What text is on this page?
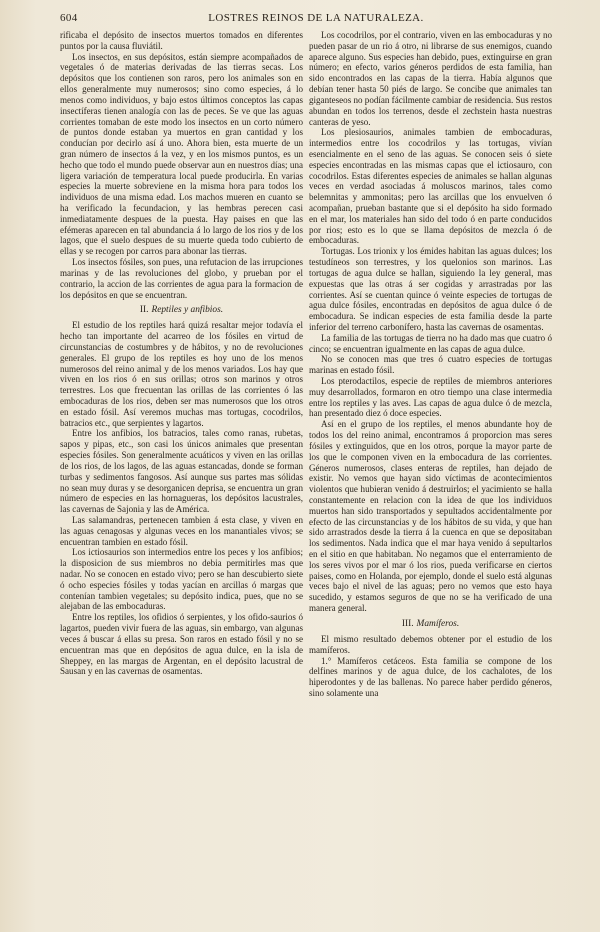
604	LOSTRES REINOS DE LA NATURALEZA.

rificaba el depósito de insectos muertos tomados en diferentes puntos por la causa fluviátil.

Los insectos, en sus depósitos, están siempre acompañados de vegetales ó de materias derivadas de las tierras secas. Los depósitos que los contienen son raros, pero los animales son en ellos generalmente muy numerosos; sino como especies, á lo menos como individuos, y bajo estos últimos conceptos las capas insectíferas tienen analogía con las de peces. Se ve que las aguas corrientes tomaban de este modo los insectos en un corto número de puntos donde estaban ya muertos en gran cantidad y los conducían por decirlo así á uno. Ahora bien, esta muerte de un gran número de insectos á la vez, y en los mismos puntos, es un hecho que todo el mundo puede observar aun en nuestros días; una ligera variación de temperatura local puede producirla. En varias especies la muerte sobreviene en la misma hora para todos los individuos de una misma edad. Los machos mueren en cuanto se ha verificado la fecundacion, y las hembras perecen casi inmediatamente despues de la puesta. Hay paises en que las efémeras aparecen en tal abundancia á lo largo de los rios y de los lagos, que el suelo despues de su muerte queda todo cubierto de ellas y se recogen por carros para abonar las tierras.

Los insectos fósiles, son pues, una refutacion de las irrupciones marinas y de las revoluciones del globo, y prueban por el contrario, la accion de las corrientes de agua para la formacion de los depósitos en que se encuentran.

II. Reptiles y anfibios.

El estudio de los reptiles hará quizá resaltar mejor todavía el hecho tan importante del acarreo de los fósiles en virtud de circunstancias de costumbres y de hábitos, y no de revoluciones generales. El grupo de los reptiles es hoy uno de los menos numerosos del reino animal y de los menos variados. Los hay que viven en los rios ó en sus orillas; otros son marinos y otros terrestres. Los que frecuentan las orillas de las corrientes ó las embocaduras de los rios, deben ser mas numerosos que los otros en estado fósil. Así veremos muchas mas tortugas, cocodrilos, batracios etc., que serpientes y lagartos.

Entre los anfibios, los batracios, tales como ranas, rubetas, sapos y pipas, etc., son casi los únicos animales que presentan especies fósiles. Son generalmente acuáticos y viven en las orillas de los rios, de los lagos, de las aguas estancadas, donde se forman turbas y sedimentos fangosos. Así aunque sus partes mas sólidas no sean muy duras y se desorganicen deprisa, se encuentra un gran número de especies en las hornagueras, los depósitos lacustrales, las cavernas de Sajonia y las de América.

Las salamandras, pertenecen tambien á esta clase, y viven en las aguas cenagosas y algunas veces en los manantiales vivos; se encuentran tambien en estado fósil.

Los ictiosaurios son intermedios entre los peces y los anfibios; la disposicion de sus miembros no debia permitirles mas que nadar. No se conocen en estado vivo; pero se han descubierto siete ó ocho especies fósiles y todas yacían en arcillas ó margas que contenían tambien vegetales; su depósito indica, pues, que no se alejaban de las embocaduras.

Entre los reptiles, los ofidios ó serpientes, y los ofido-saurios ó lagartos, pueden vivir fuera de las aguas, sin embargo, van algunas veces á buscar á ellas su presa. Son raros en estado fósil y no se encuentran mas que en depósitos de agua dulce, en la isla de Sheppey, en las margas de Argentan, en el depósito lacustral de Sausan y en las cavernas de osamentas.

Los cocodrilos, por el contrario, viven en las embocaduras y no pueden pasar de un rio á otro, ni librarse de sus enemigos, cuando aparece alguno. Sus especies han debido, pues, extinguirse en gran número; en efecto, varios géneros perdidos de esta familia, han sido encontrados en las capas de la tierra. Había algunos que debían tener hasta 50 piés de largo. Se concibe que animales tan giganteseos no podían fácilmente cambiar de residencia. Sus restos abundan en todos los terrenos, desde el zechstein hasta nuestras canteras de yeso.

Los plesiosaurios, animales tambien de embocaduras, intermedios entre los cocodrilos y las tortugas, vivían esencialmente en el seno de las aguas. Se conocen seis ó siete especies encontradas en las mismas capas que el ictiosauro, con cocodrilos. Estas diferentes especies de animales se hallan algunas veces en verdad asociadas á moluscos marinos, tales como belemnitas y ammonitas; pero las arcillas que los envuelven ó acompañan, prueban bastante que si el depósito ha sido formado en el mar, los materiales han sido del todo ó en parte conducidos por rios; esto es lo que se llama depósitos de mezcla ó de embocaduras.

Tortugas. Los trionix y los émides habitan las aguas dulces; los testudíneos son terrestres, y los quelonios son marinos. Las tortugas de agua dulce se hallan, siguiendo la ley general, mas expuestas que las otras á ser cogidas y arrastradas por las corrientes. Así se cuentan quince ó veinte especies de tortugas de agua dulce fósiles, encontradas en depósitos de agua dulce ó de embocadura. Se indican especies de esta familia desde la parte inferior del terreno carbonífero, hasta las cavernas de osamentas.

La familia de las tortugas de tierra no ha dado mas que cuatro ó cinco; se encuentran igualmente en las capas de agua dulce.

No se conocen mas que tres ó cuatro especies de tortugas marinas en estado fósil.

Los pterodactilos, especie de reptiles de miembros anteriores muy desarrollados, formaron en otro tiempo una clase intermedia entre los reptiles y las aves. Las capas de agua dulce ó de mezcla, han presentado diez ó doce especies.

Así en el grupo de los reptiles, el menos abundante hoy de todos los del reino animal, encontramos á proporcion mas seres fósiles y extinguidos, que en los otros, porque la mayor parte de los que le componen viven en la embocadura de las corrientes. Géneros numerosos, clases enteras de reptiles, han dejado de existir. No vemos que hayan sido víctimas de acontecimientos violentos que hubieran venido á destruirlos; el yacimiento se halla constantemente en relacion con la idea de que los individuos muertos han sido transportados y sepultados accidentalmente por efecto de las circunstancias y de los hábitos de su vida, y que han sido arrastrados desde la tierra á la cuenca en que se depositaban los sedimentos. Nada indica que el mar haya venido á sepultarlos en el sitio en que habitaban. No negamos que el enterramiento de los seres vivos por el mar ó los rios, pueda verificarse en ciertos paises, como en Holanda, por ejemplo, donde el suelo está algunas veces bajo el nivel de las aguas; pero no vemos que esto haya sucedido, y estamos seguros de que no se ha verificado de una manera general.

III. Mamíferos.

El mismo resultado debemos obtener por el estudio de los mamíferos.

1.° Mamíferos cetáceos. Esta familia se compone de los delfines marinos y de agua dulce, de los cachalotes, de los hiperodontes y de las ballenas. No parece haber perdido géneros, sino solamente una
